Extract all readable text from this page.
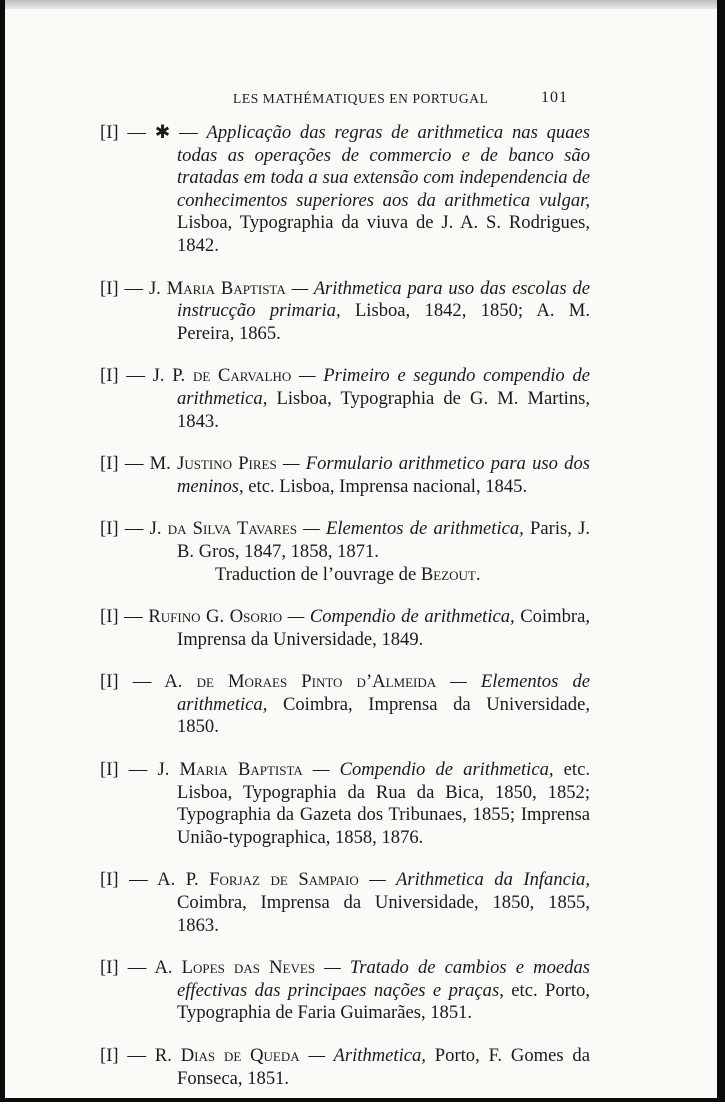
LES MATHÉMATIQUES EN PORTUGAL	101
[I] — ✱ — Applicação das regras de arithmetica nas quaes todas as operações de commercio e de banco são tratadas em toda a sua extensão com independencia de conhecimentos superiores aos da arithmetica vulgar, Lisboa, Typographia da viuva de J. A. S. Rodrigues, 1842.
[I] — J. Maria Baptista — Arithmetica para uso das escolas de instrucção primaria, Lisboa, 1842, 1850; A. M. Pereira, 1865.
[I] — J. P. de Carvalho — Primeiro e segundo compendio de arithmetica, Lisboa, Typographia de G. M. Martins, 1843.
[I] — M. Justino Pires — Formulario arithmetico para uso dos meninos, etc. Lisboa, Imprensa nacional, 1845.
[I] — J. da Silva Tavares — Elementos de arithmetica, Paris, J. B. Gros, 1847, 1858, 1871.
Traduction de l’ouvrage de Bezout.
[I] — Rufino G. Osorio — Compendio de arithmetica, Coimbra, Imprensa da Universidade, 1849.
[I] — A. de Moraes Pinto d’Almeida — Elementos de arithmetica, Coimbra, Imprensa da Universidade, 1850.
[I] — J. Maria Baptista — Compendio de arithmetica, etc. Lisboa, Typographia da Rua da Bica, 1850, 1852; Typographia da Gazeta dos Tribunaes, 1855; Imprensa União-typographica, 1858, 1876.
[I] — A. P. Forjaz de Sampaio — Arithmetica da Infancia, Coimbra, Imprensa da Universidade, 1850, 1855, 1863.
[I] — A. Lopes das Neves — Tratado de cambios e moedas effectivas das principaes nações e praças, etc. Porto, Typographia de Faria Guimarães, 1851.
[I] — R. Dias de Queda — Arithmetica, Porto, F. Gomes da Fonseca, 1851.
